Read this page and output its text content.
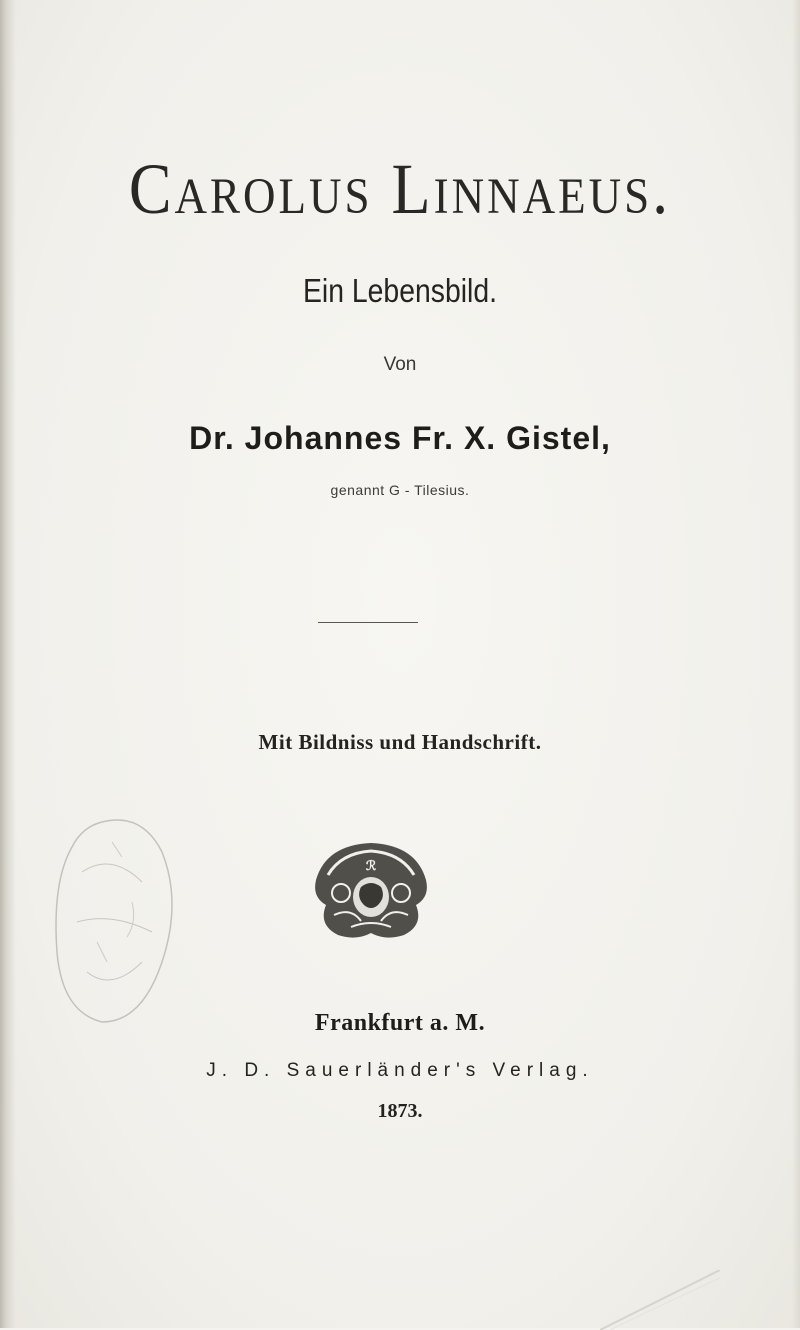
Carolus Linnaeus.
Ein Lebensbild.
Von
Dr. Johannes Fr. X. Gistel,
genannt G - Tilesius.
Mit Bildniss und Handschrift.
ℛ
Frankfurt a. M.
J. D. Sauerländer's Verlag.
1873.
